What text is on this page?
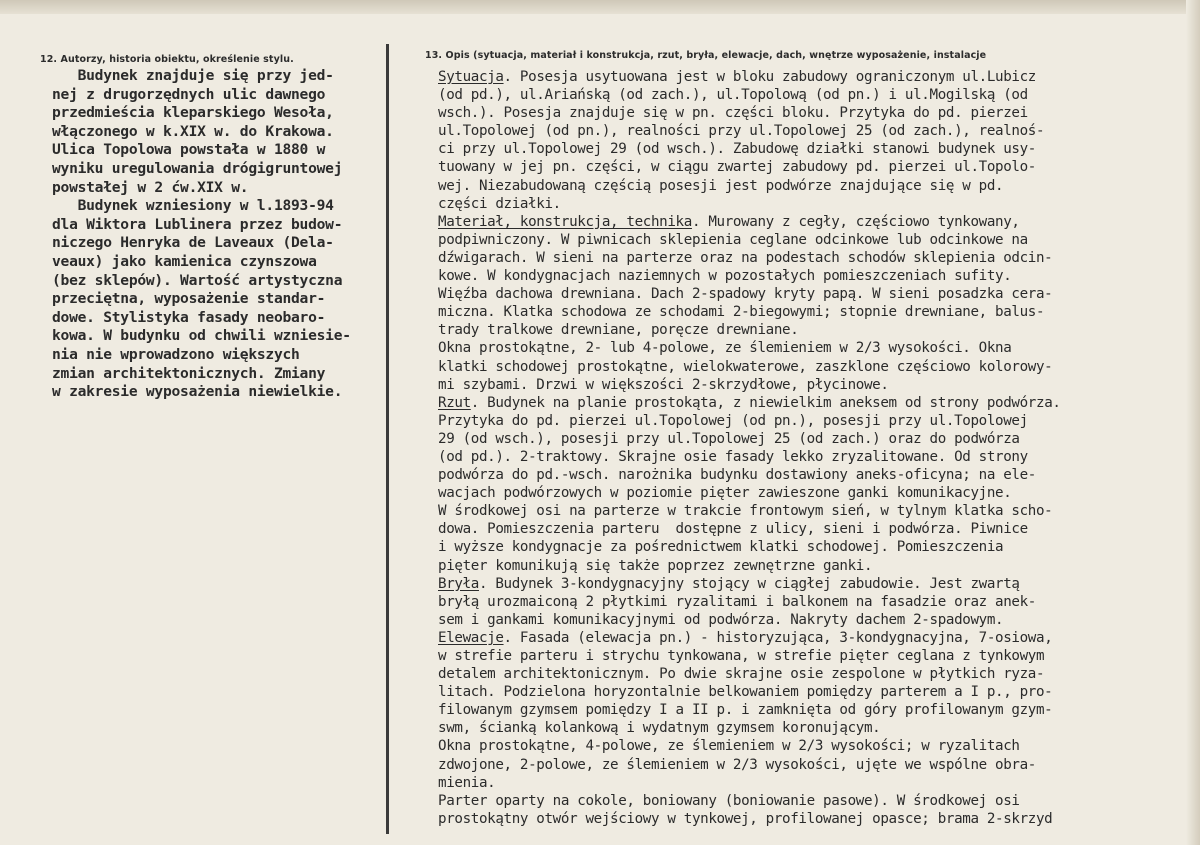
12. Autorzy, historia obiektu, określenie stylu.	13. Opis (sytuacja, materiał i konstrukcja, rzut, bryła, elewacje, dach, wnętrze wyposażenie, instalacje
Budynek znajduje się przy jed-
nej z drugorzędnych ulic dawnego
przedmieścia kleparskiego Wesoła,
włączonego w k.XIX w. do Krakowa.
Ulica Topolowa powstała w 1880 w
wyniku uregulowania drógigruntowej
powstałej w 2 ćw.XIX w.
Budynek wzniesiony w l.1893-94
dla Wiktora Lublinera przez budow-
niczego Henryka de Laveaux (Dela-
veaux) jako kamienica czynszowa
(bez sklepów). Wartość artystyczna
przeciętna, wyposażenie standar-
dowe. Stylistyka fasady neobaro-
kowa. W budynku od chwili wzniesie-
nia nie wprowadzono większych
zmian architektonicznych. Zmiany
w zakresie wyposażenia niewielkie.
Sytuacja. Posesja usytuowana jest w bloku zabudowy ograniczonym ul.Lubicz
(od pd.), ul.Ariańską (od zach.), ul.Topolową (od pn.) i ul.Mogilską (od
wsch.). Posesja znajduje się w pn. części bloku. Przytyka do pd. pierzei
ul.Topolowej (od pn.), realności przy ul.Topolowej 25 (od zach.), realnoś-
ci przy ul.Topolowej 29 (od wsch.). Zabudowę działki stanowi budynek usy-
tuowany w jej pn. części, w ciągu zwartej zabudowy pd. pierzei ul.Topolo-
wej. Niezabudowaną częścią posesji jest podwórze znajdujące się w pd.
części działki.
Materiał, konstrukcja, technika. Murowany z cegły, częściowo tynkowany,
podpiwniczony. W piwnicach sklepienia ceglane odcinkowe lub odcinkowe na
dźwigarach. W sieni na parterze oraz na podestach schodów sklepienia odcin-
kowe. W kondygnacjach naziemnych w pozostałych pomieszczeniach sufity.
Więźba dachowa drewniana. Dach 2-spadowy kryty papą. W sieni posadzka cera-
miczna. Klatka schodowa ze schodami 2-biegowymi; stopnie drewniane, balus-
trady tralkowe drewniane, poręcze drewniane.
Okna prostokątne, 2- lub 4-polowe, ze ślemieniem w 2/3 wysokości. Okna
klatki schodowej prostokątne, wielokwaterowe, zaszklone częściowo kolorowy-
mi szybami. Drzwi w większości 2-skrzydłowe, płycinowe.
Rzut. Budynek na planie prostokąta, z niewielkim aneksem od strony podwórza.
Przytyka do pd. pierzei ul.Topolowej (od pn.), posesji przy ul.Topolowej
29 (od wsch.), posesji przy ul.Topolowej 25 (od zach.) oraz do podwórza
(od pd.). 2-traktowy. Skrajne osie fasady lekko zryzalitowane. Od strony
podwórza do pd.-wsch. narożnika budynku dostawiony aneks-oficyna; na ele-
wacjach podwórzowych w poziomie pięter zawieszone ganki komunikacyjne.
W środkowej osi na parterze w trakcie frontowym sień, w tylnym klatka scho-
dowa. Pomieszczenia parteru  dostępne z ulicy, sieni i podwórza. Piwnice
i wyższe kondygnacje za pośrednictwem klatki schodowej. Pomieszczenia
pięter komunikują się także poprzez zewnętrzne ganki.
Bryła. Budynek 3-kondygnacyjny stojący w ciągłej zabudowie. Jest zwartą
bryłą urozmaiconą 2 płytkimi ryzalitami i balkonem na fasadzie oraz anek-
sem i gankami komunikacyjnymi od podwórza. Nakryty dachem 2-spadowym.
Elewacje. Fasada (elewacja pn.) - historyzująca, 3-kondygnacyjna, 7-osiowa,
w strefie parteru i strychu tynkowana, w strefie pięter ceglana z tynkowym
detalem architektonicznym. Po dwie skrajne osie zespolone w płytkich ryza-
litach. Podzielona horyzontalnie belkowaniem pomiędzy parterem a I p., pro-
filowanym gzymsem pomiędzy I a II p. i zamknięta od góry profilowanym gzym-
swm, ścianką kolankową i wydatnym gzymsem koronującym.
Okna prostokątne, 4-polowe, ze ślemieniem w 2/3 wysokości; w ryzalitach
zdwojone, 2-polowe, ze ślemieniem w 2/3 wysokości, ujęte we wspólne obra-
mienia.
Parter oparty na cokole, boniowany (boniowanie pasowe). W środkowej osi
prostokątny otwór wejściowy w tynkowej, profilowanej opasce; brama 2-skrzyd
